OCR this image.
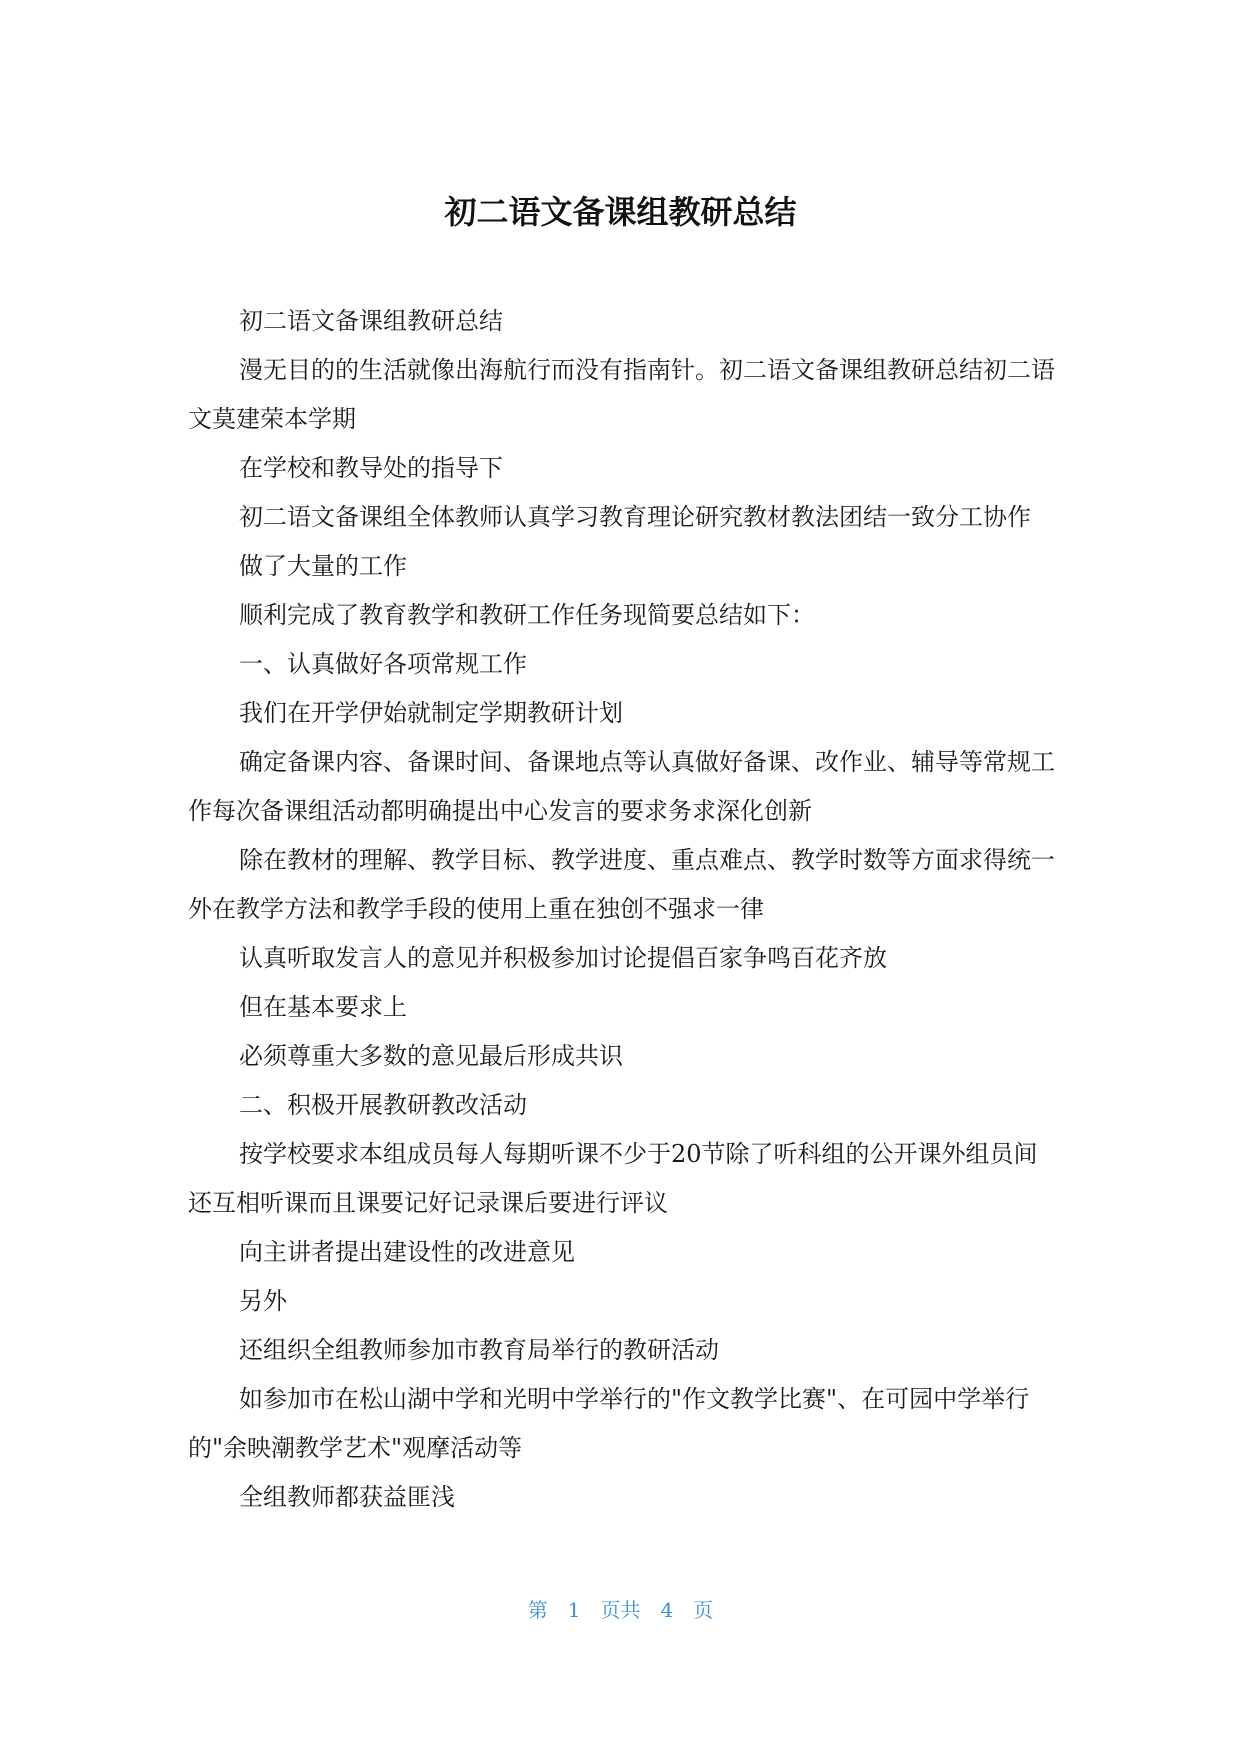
初二语文备课组教研总结

初二语文备课组教研总结

漫无目的的生活就像出海航行而没有指南针。初二语文备课组教研总结初二语文莫建荣本学期

在学校和教导处的指导下

初二语文备课组全体教师认真学习教育理论研究教材教法团结一致分工协作

做了大量的工作

顺利完成了教育教学和教研工作任务现简要总结如下：

一、认真做好各项常规工作

我们在开学伊始就制定学期教研计划

确定备课内容、备课时间、备课地点等认真做好备课、改作业、辅导等常规工作每次备课组活动都明确提出中心发言的要求务求深化创新

除在教材的理解、教学目标、教学进度、重点难点、教学时数等方面求得统一外在教学方法和教学手段的使用上重在独创不强求一律

认真听取发言人的意见并积极参加讨论提倡百家争鸣百花齐放

但在基本要求上

必须尊重大多数的意见最后形成共识

二、积极开展教研教改活动

按学校要求本组成员每人每期听课不少于20节除了听科组的公开课外组员间还互相听课而且课要记好记录课后要进行评议

向主讲者提出建设性的改进意见

另外

还组织全组教师参加市教育局举行的教研活动

如参加市在松山湖中学和光明中学举行的"作文教学比赛"、在可园中学举行的"余映潮教学艺术"观摩活动等

全组教师都获益匪浅

第 1 页共 4 页
